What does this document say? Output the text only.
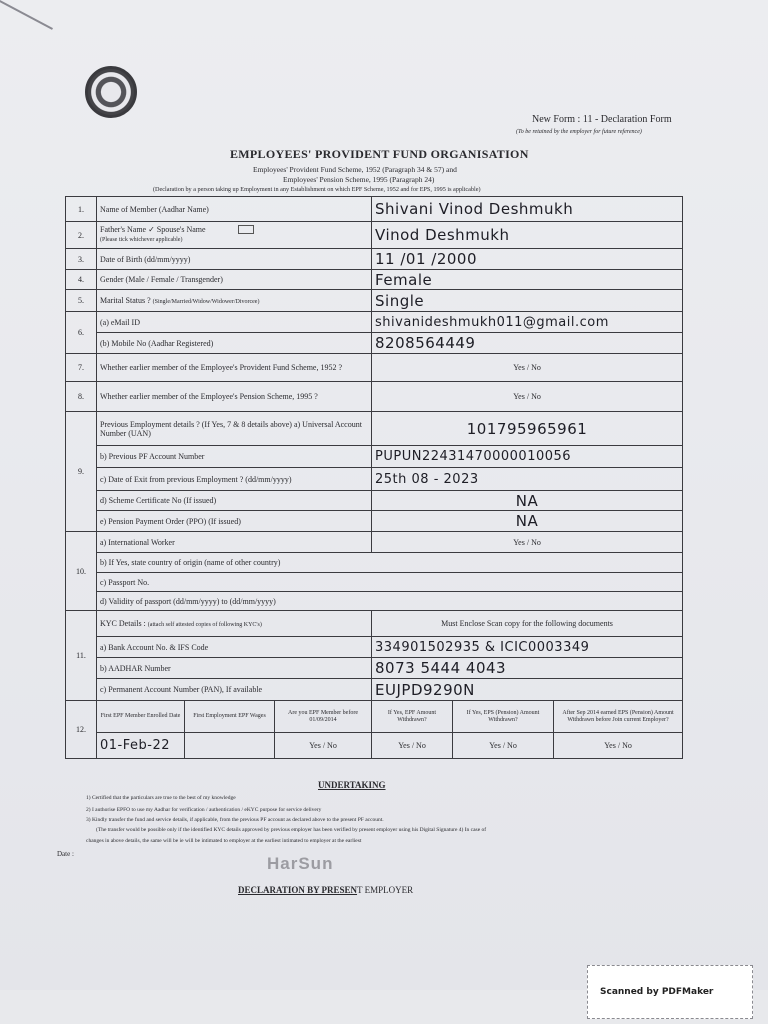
New Form : 11 - Declaration Form
(To be retained by the employer for future reference)
EMPLOYEES' PROVIDENT FUND ORGANISATION
Employees' Provident Fund Scheme, 1952 (Paragraph 34 & 57) and
Employees' Pension Scheme, 1995 (Paragraph 24)
(Declaration by a person taking up Employment in any Establishment on which EPF Scheme, 1952 and for EPS, 1995 is applicable)
1.	Name of Member (Aadhar Name)			Shivani Vinod Deshmukh		
2.	Father's Name ✓ Spouse's Name
(Please tick whichever applicable)			Vinod Deshmukh		
3.	Date of Birth (dd/mm/yyyy)			11 /01 /2000		
4.	Gender (Male / Female / Transgender)			Female		
5.	Marital Status ? (Single/Married/Widow/Widower/Divorcee)			Single		
6.	(a) eMail ID			shivanideshmukh011@gmail.com		
	(b) Mobile No (Aadhar Registered)			8208564449		
7.	Whether earlier member of the Employee's Provident Fund Scheme, 1952 ?			Yes / No		
8.	Whether earlier member of the Employee's Pension Scheme, 1995 ?			Yes / No		
9.	Previous Employment details ? (If Yes, 7 & 8 details above) a) Universal Account Number (UAN)			101795965961		
	b) Previous PF Account Number			PUPUN22431470000010056		
	c) Date of Exit from previous Employment ? (dd/mm/yyyy)			25th 08 - 2023		
	d) Scheme Certificate No (If issued)			NA		
	e) Pension Payment Order (PPO) (If issued)			NA		
10.	a) International Worker			Yes / No		
	b) If Yes, state country of origin (name of other country)					
	c) Passport No.					
	d) Validity of passport (dd/mm/yyyy) to (dd/mm/yyyy)					
11.	KYC Details : (attach self attested copies of following KYC's)			Must Enclose Scan copy for the following documents		
	a) Bank Account No. & IFS Code			334901502935 & ICIC0003349		
	b) AADHAR Number			8073 5444 4043		
	c) Permanent Account Number (PAN), If available			EUJPD9290N		
12.	First EPF Member Enrolled Date	First Employment EPF Wages	Are you EPF Member before 01/09/2014	If Yes, EPF Amount Withdrawn?	If Yes, EPS (Pension) Amount Withdrawn?	After Sep 2014 earned EPS (Pension) Amount Withdrawn before Join current Employer?
	01-Feb-22		Yes / No	Yes / No	Yes / No	Yes / No
UNDERTAKING
1) Certified that the particulars are true to the best of my knowledge
2) I authorise EPFO to use my Aadhar for verification / authentication / eKYC purpose for service delivery
3) Kindly transfer the fund and service details, if applicable, from the previous PF account as declared above to the present PF account.
(The transfer would be possible only if the identified KYC details approved by previous employer has been verified by present employer using his Digital Signature 4) In case of
changes in above details, the same will be ie will be intimated to employer at the earliest intimated to employer at the earliest
Date :	HarSun
DECLARATION BY PRESENT EMPLOYER
Scanned by PDFMaker
